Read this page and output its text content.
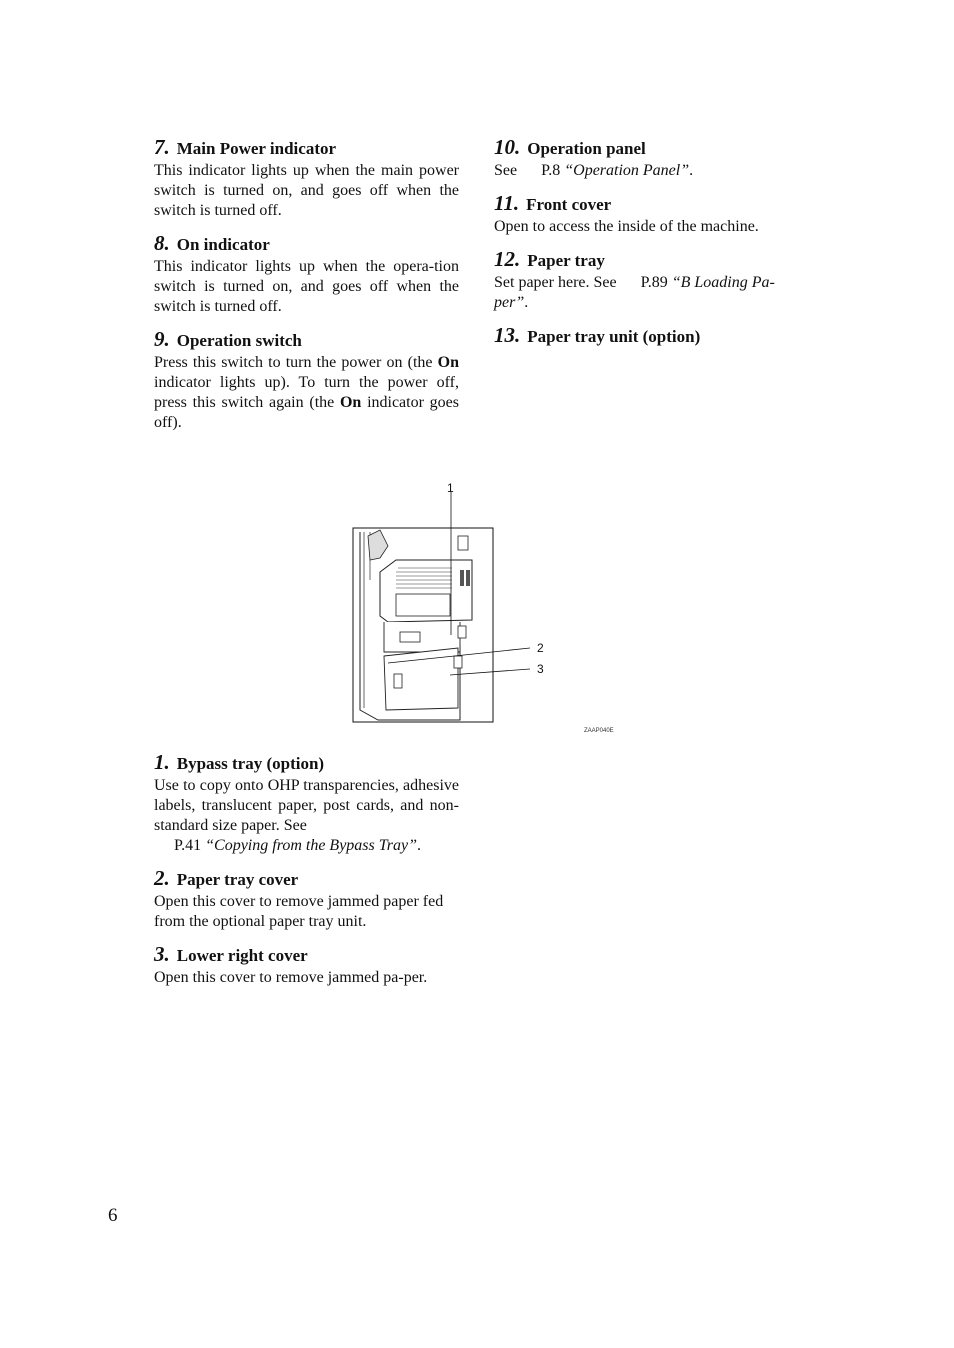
7. Main Power indicator

This indicator lights up when the main power switch is turned on, and goes off when the switch is turned off.

8. On indicator

This indicator lights up when the opera-tion switch is turned on, and goes off when the switch is turned off.

9. Operation switch

Press this switch to turn the power on (the On indicator lights up). To turn the power off, press this switch again (the On indicator goes off).

10. Operation panel

See P.8 “Operation Panel”.

11. Front cover

Open to access the inside of the machine.

12. Paper tray

Set paper here. See P.89 “B Loading Pa-
per”.

13. Paper tray unit (option)
1
2
3
ZAAP040E
1. Bypass tray (option)

Use to copy onto OHP transparencies, adhesive labels, translucent paper, post cards, and non-standard size paper. See

P.41 “Copying from the Bypass Tray”.

2. Paper tray cover

Open this cover to remove jammed paper fed from the optional paper tray unit.

3. Lower right cover

Open this cover to remove jammed pa-per.

6
